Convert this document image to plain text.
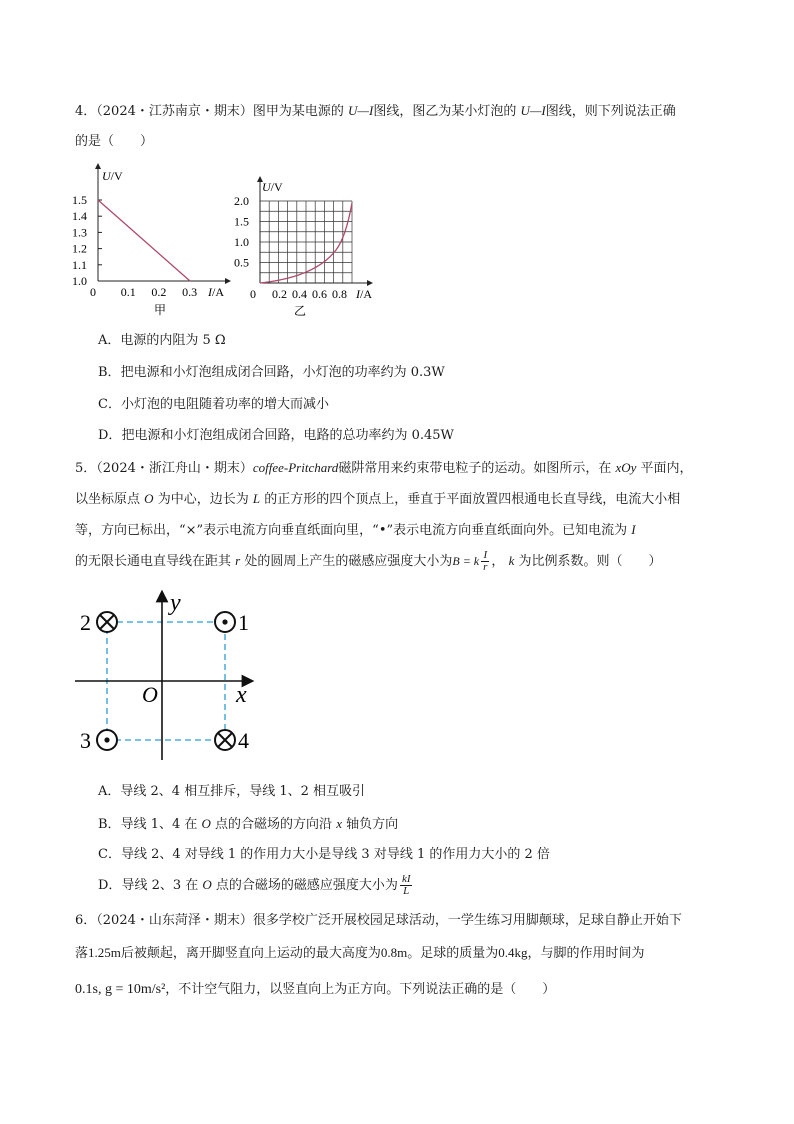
4．（2024・江苏南京・期末）图甲为某电源的 U—I图线，图乙为某小灯泡的 U—I图线，则下列说法正确
的是（　　）
U/V
I/A
1.5
1.4
1.3
1.2
1.1
1.0
0 0.1 0.2 0.3
甲
U/V
I/A
2.0
1.5
1.0
0.5
0.2 0.4 0.6 0.8
0
乙
A．电源的内阻为 5 Ω
B．把电源和小灯泡组成闭合回路，小灯泡的功率约为 0.3W
C．小灯泡的电阻随着功率的增大而减小
D．把电源和小灯泡组成闭合回路，电路的总功率约为 0.45W
5．（2024・浙江舟山・期末）coffee-Pritchard磁阱常用来约束带电粒子的运动。如图所示，在 xOy 平面内，
以坐标原点 O 为中心，边长为 L 的正方形的四个顶点上，垂直于平面放置四根通电长直导线，电流大小相
等，方向已标出，“×”表示电流方向垂直纸面向里，“•”表示电流方向垂直纸面向外。已知电流为 I
的无限长通电直导线在距其 r 处的圆周上产生的磁感应强度大小为B = k $\frac{I}{r}$ ， k 为比例系数。则（　　）
x
y
O
1
2
3	4
A．导线 2、4 相互排斥，导线 1、2 相互吸引
B．导线 1、4 在 O 点的合磁场的方向沿 x 轴负方向
C．导线 2、4 对导线 1 的作用力大小是导线 3 对导线 1 的作用力大小的 2 倍
D．导线 2、3 在 O 点的合磁场的磁感应强度大小为 $\frac{kI}{L}$
6．（2024・山东菏泽・期末）很多学校广泛开展校园足球活动，一学生练习用脚颠球，足球自静止开始下
落1.25m后被颠起，离开脚竖直向上运动的最大高度为0.8m。足球的质量为0.4kg，与脚的作用时间为
0.1s, g = 10m/s²，不计空气阻力，以竖直向上为正方向。下列说法正确的是（　　）
